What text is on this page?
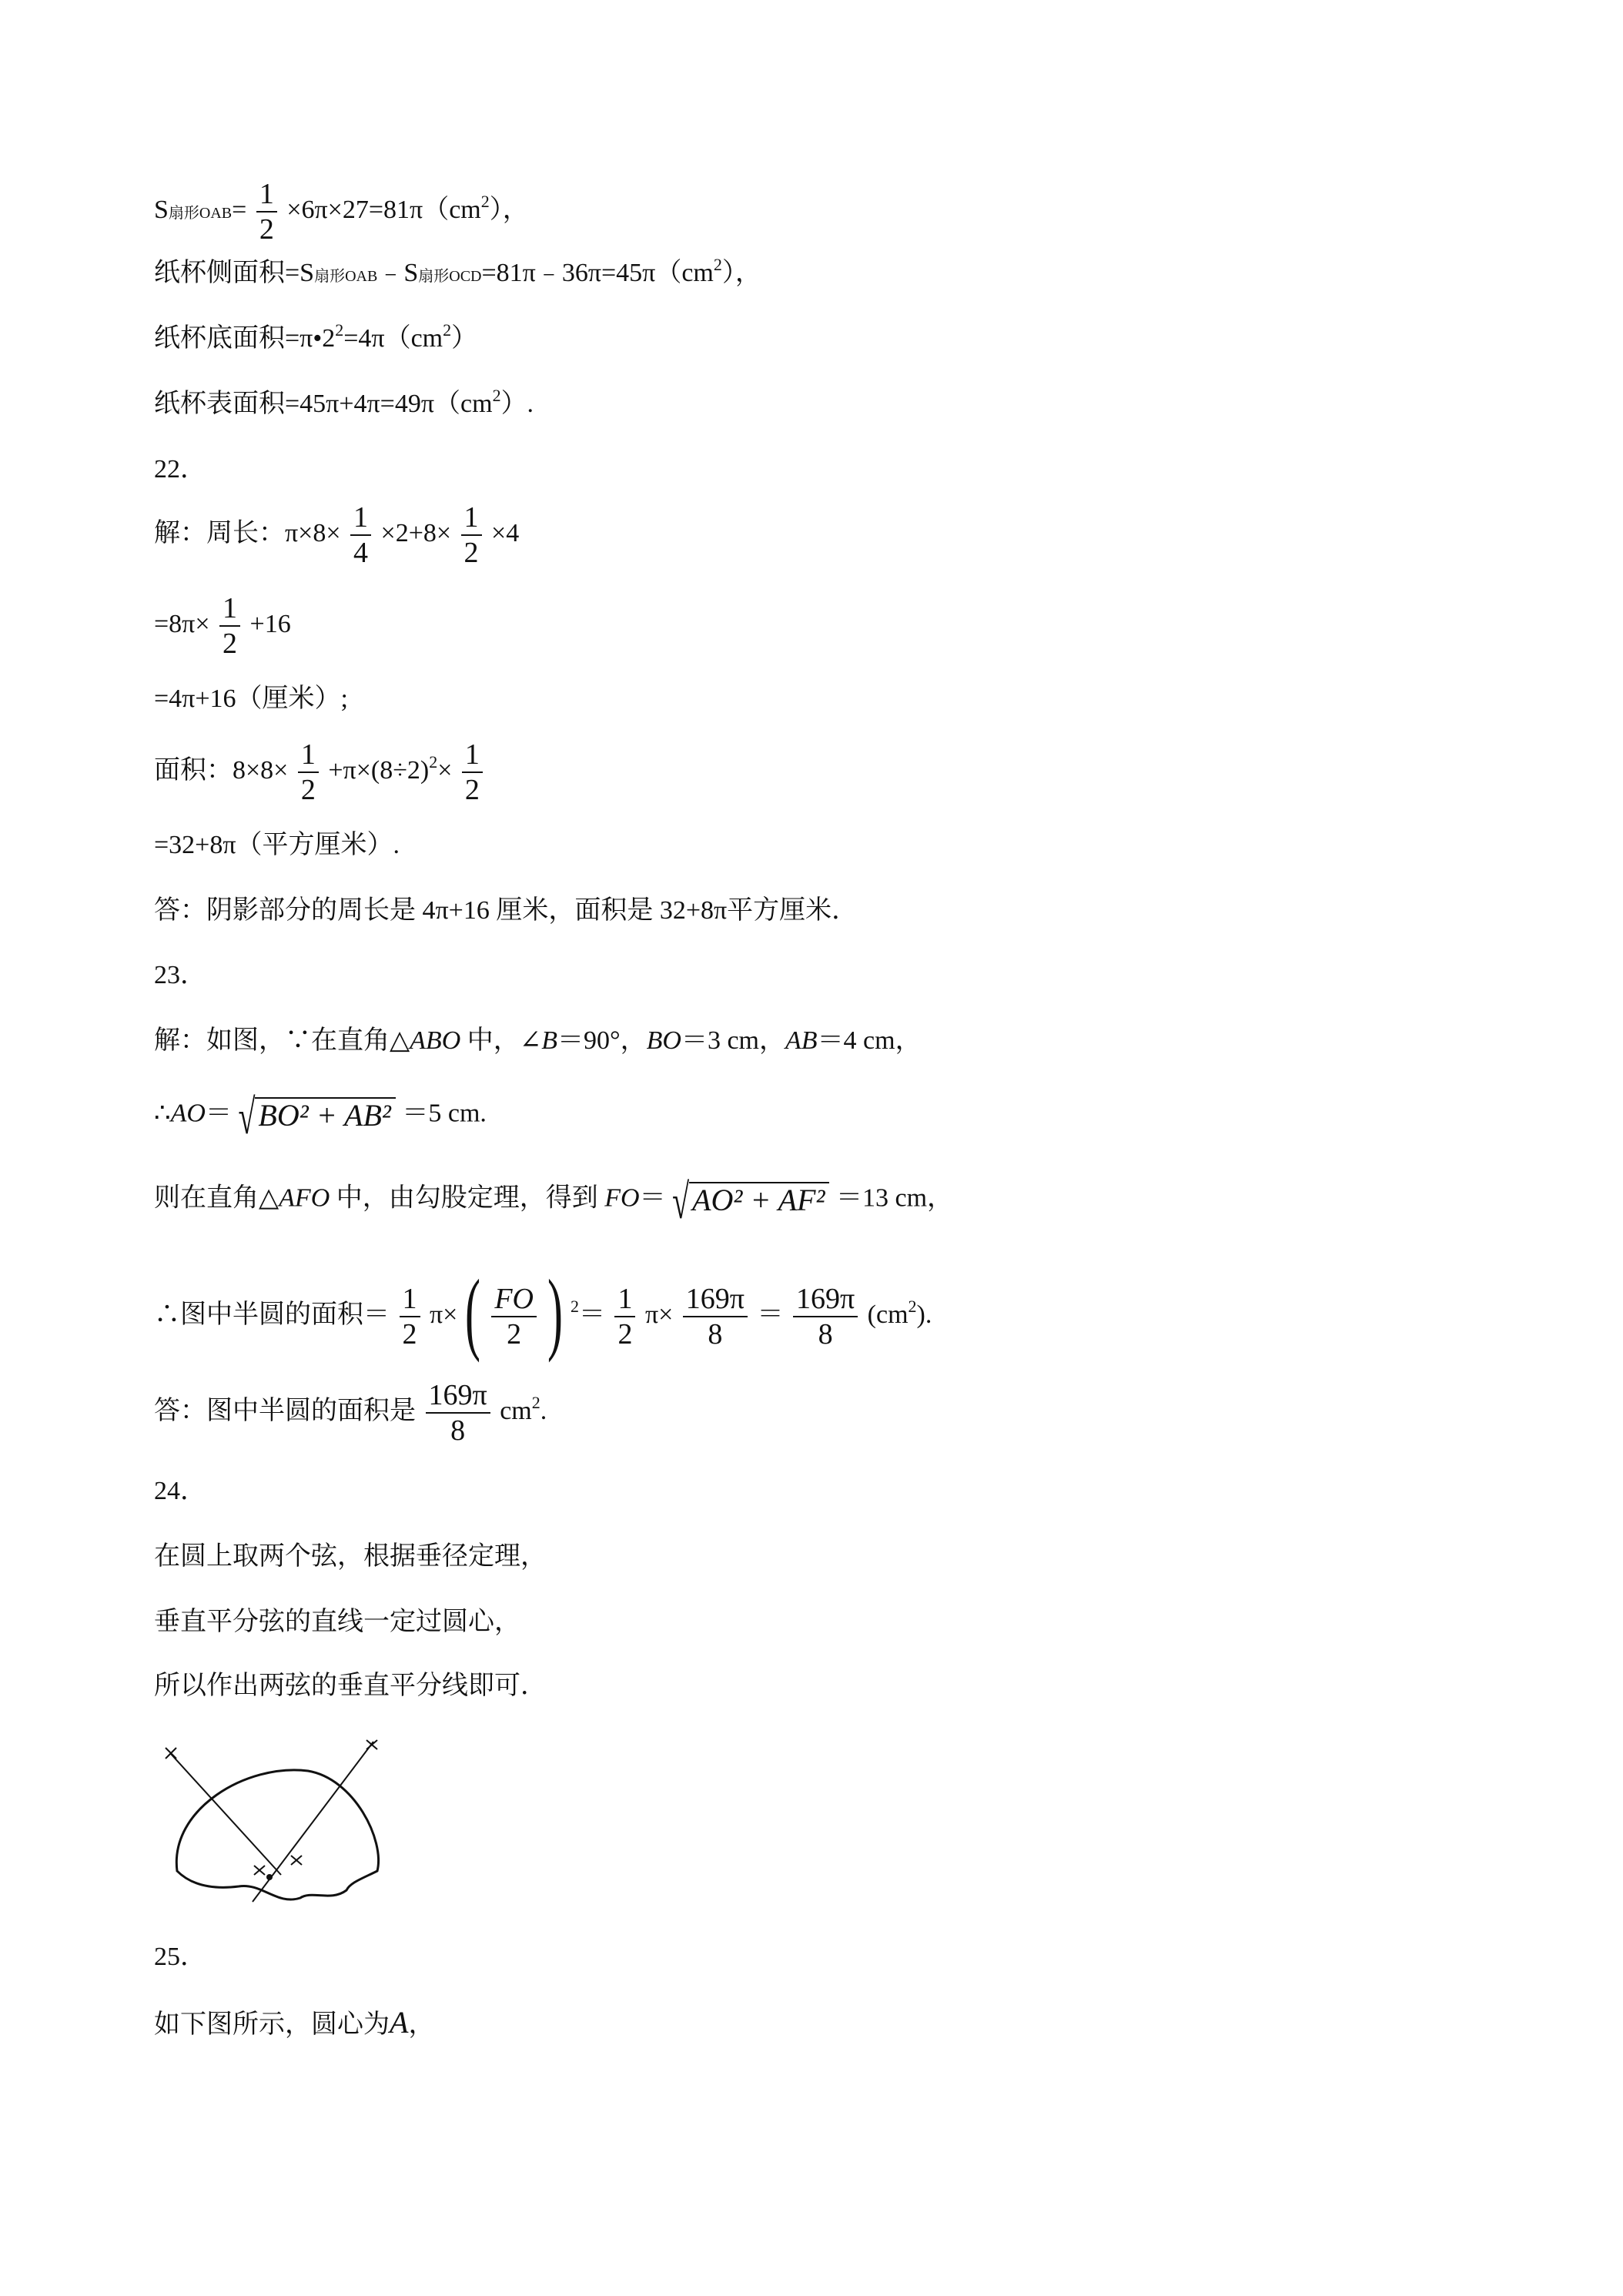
S扇形$OAB= \frac{1}{2} \times 6\pi\times 27=81\pi(cm^2)$，
纸杯侧面积=S扇形OAB﹣S扇形$OCD=81\pi﹣36\pi=45\pi(cm^2)$，
纸杯底面积$=\pi•2^2=4\pi(cm^2)$
纸杯表面积$=45\pi+4\pi=49\pi(cm^2)$.
22．
解：周长：$\pi\times 8\times \frac{1}{4} \times 2+8\times \frac{1}{2} \times 4$
$=8\pi\times \frac{1}{2} +16$
=4π+16（厘米）;
面积：$8\times 8\times \frac{1}{2} +\pi\times(8\div 2)^2\times \frac{1}{2}$
=32+8π（平方厘米）.
答：阴影部分的周长是 4π+16 厘米，面积是 32+8π平方厘米．
23．
解：如图，∵在直角△ABO 中，∠B＝90°，BO＝3 cm，AB＝4 cm，
∴AO＝ √ BO² + AB² ＝5 cm.
则在直角△AFO 中，由勾股定理，得到 FO＝ √ AO² + AF² ＝13 cm，
∴图中半圆的面积＝ $\frac{1}{2} \pi\times( \frac{FO}{2}$ ) $^2= \frac{1}{2} \pi\times \frac{169\pi}{8} = \frac{169\pi}{8} (cm^2)$.
答：图中半圆的面积是 $\frac{169\pi}{8} cm^2$.
24．
在圆上取两个弦，根据垂径定理，
垂直平分弦的直线一定过圆心，
所以作出两弦的垂直平分线即可．
25．
如下图所示，圆心为A，
